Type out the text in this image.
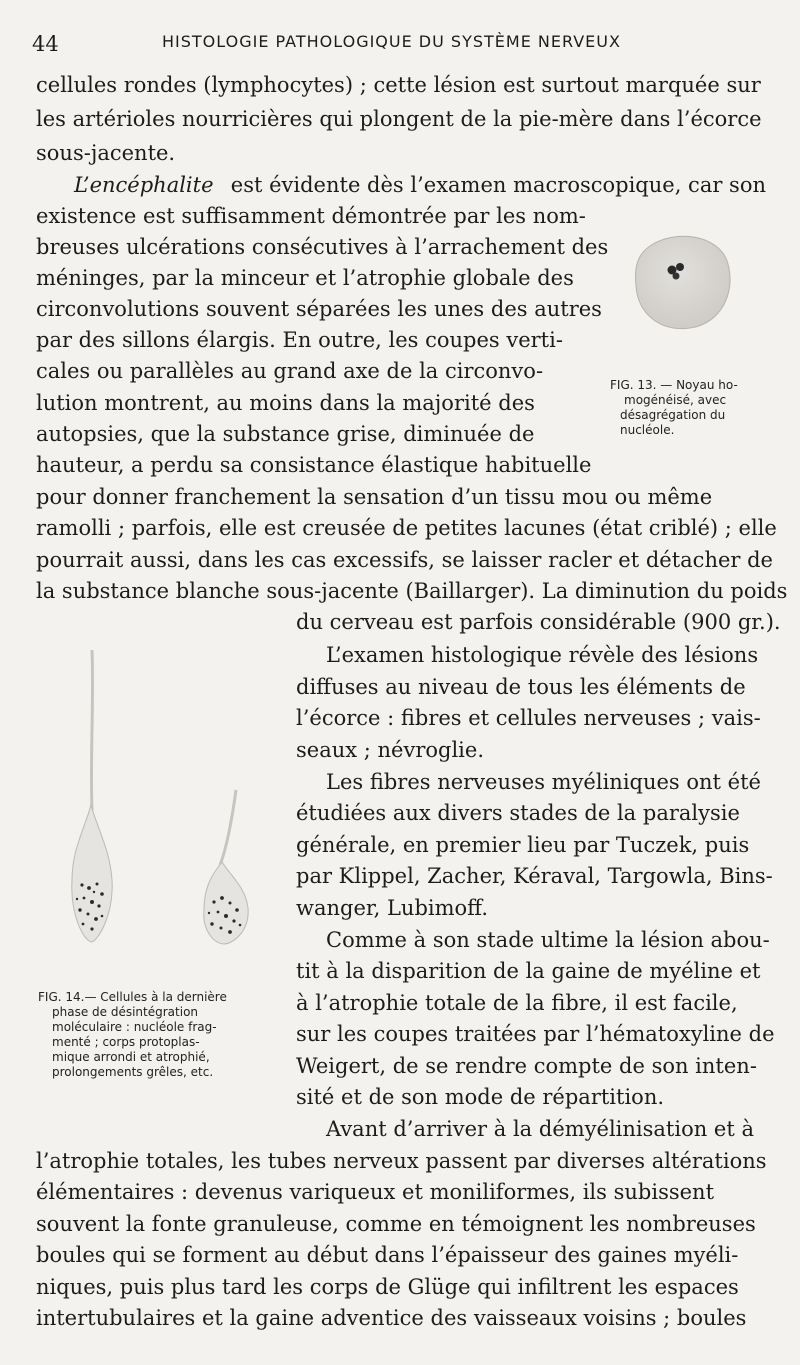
44	HISTOLOGIE PATHOLOGIQUE DU SYSTÈME NERVEUX
cellules rondes (lymphocytes) ; cette lésion est surtout marquée sur
les artérioles nourricières qui plongent de la pie-mère dans l’écorce
sous-jacente.
L’encéphalite est évidente dès l’examen macroscopique, car son
existence est suffisamment démontrée par les nom-
breuses ulcérations consécutives à l’arrachement des
méninges, par la minceur et l’atrophie globale des
circonvolutions souvent séparées les unes des autres
par des sillons élargis. En outre, les coupes verti-
cales ou parallèles au grand axe de la circonvo-
lution montrent, au moins dans la majorité des
autopsies, que la substance grise, diminuée de
hauteur, a perdu sa consistance élastique habituelle
FIG. 13. — Noyau ho-
mogénéisé, avec
désagrégation du
nucléole.
pour donner franchement la sensation d’un tissu mou ou même
ramolli ; parfois, elle est creusée de petites lacunes (état criblé) ; elle
pourrait aussi, dans les cas excessifs, se laisser racler et détacher de
la substance blanche sous-jacente (Baillarger). La diminution du poids
du cerveau est parfois considérable (900 gr.).
L’examen histologique révèle des lésions
diffuses au niveau de tous les éléments de
l’écorce : fibres et cellules nerveuses ; vais-
seaux ; névroglie.
Les fibres nerveuses myéliniques ont été
étudiées aux divers stades de la paralysie
générale, en premier lieu par Tuczek, puis
par Klippel, Zacher, Kéraval, Targowla, Bins-
wanger, Lubimoff.
Comme à son stade ultime la lésion abou-
tit à la disparition de la gaine de myéline et
à l’atrophie totale de la fibre, il est facile,
sur les coupes traitées par l’hématoxyline de
Weigert, de se rendre compte de son inten-
sité et de son mode de répartition.
Avant d’arriver à la démyélinisation et à
FIG. 14.— Cellules à la dernière
phase de désintégration
moléculaire : nucléole frag-
menté ; corps protoplas-
mique arrondi et atrophié,
prolongements grêles, etc.
l’atrophie totales, les tubes nerveux passent par diverses altérations
élémentaires : devenus variqueux et moniliformes, ils subissent
souvent la fonte granuleuse, comme en témoignent les nombreuses
boules qui se forment au début dans l’épaisseur des gaines myéli-
niques, puis plus tard les corps de Glüge qui infiltrent les espaces
intertubulaires et la gaine adventice des vaisseaux voisins ; boules
